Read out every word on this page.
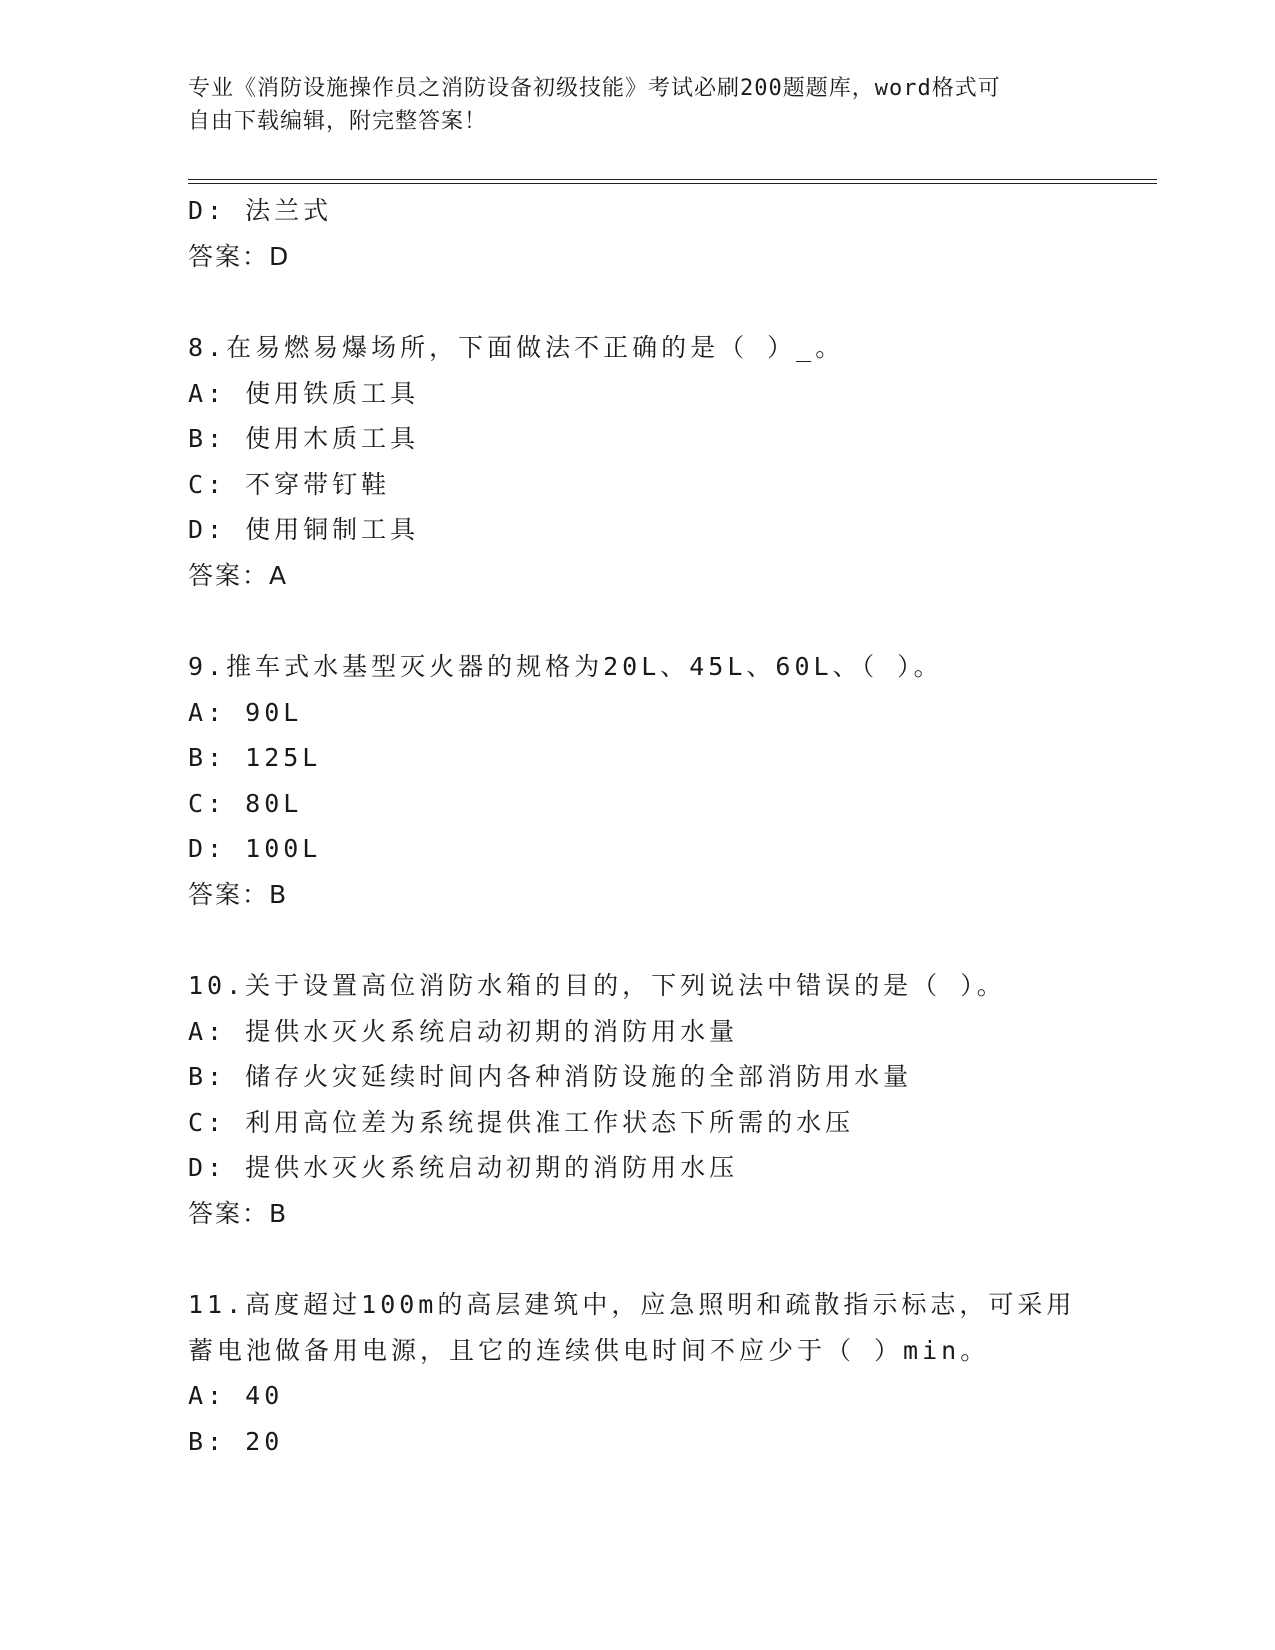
专业《消防设施操作员之消防设备初级技能》考试必刷200题题库，word格式可
自由下载编辑，附完整答案！
D: 法兰式
答案：D
8.在易燃易爆场所，下面做法不正确的是（ ）_。
A: 使用铁质工具
B: 使用木质工具
C: 不穿带钉鞋
D: 使用铜制工具
答案：A
9.推车式水基型灭火器的规格为20L、45L、60L、（ ）。
A: 90L
B: 125L
C: 80L
D: 100L
答案：B
10.关于设置高位消防水箱的目的，下列说法中错误的是（ ）。
A: 提供水灭火系统启动初期的消防用水量
B: 储存火灾延续时间内各种消防设施的全部消防用水量
C: 利用高位差为系统提供准工作状态下所需的水压
D: 提供水灭火系统启动初期的消防用水压
答案：B
11.高度超过100m的高层建筑中，应急照明和疏散指示标志，可采用
蓄电池做备用电源，且它的连续供电时间不应少于（ ）min。
A: 40
B: 20
